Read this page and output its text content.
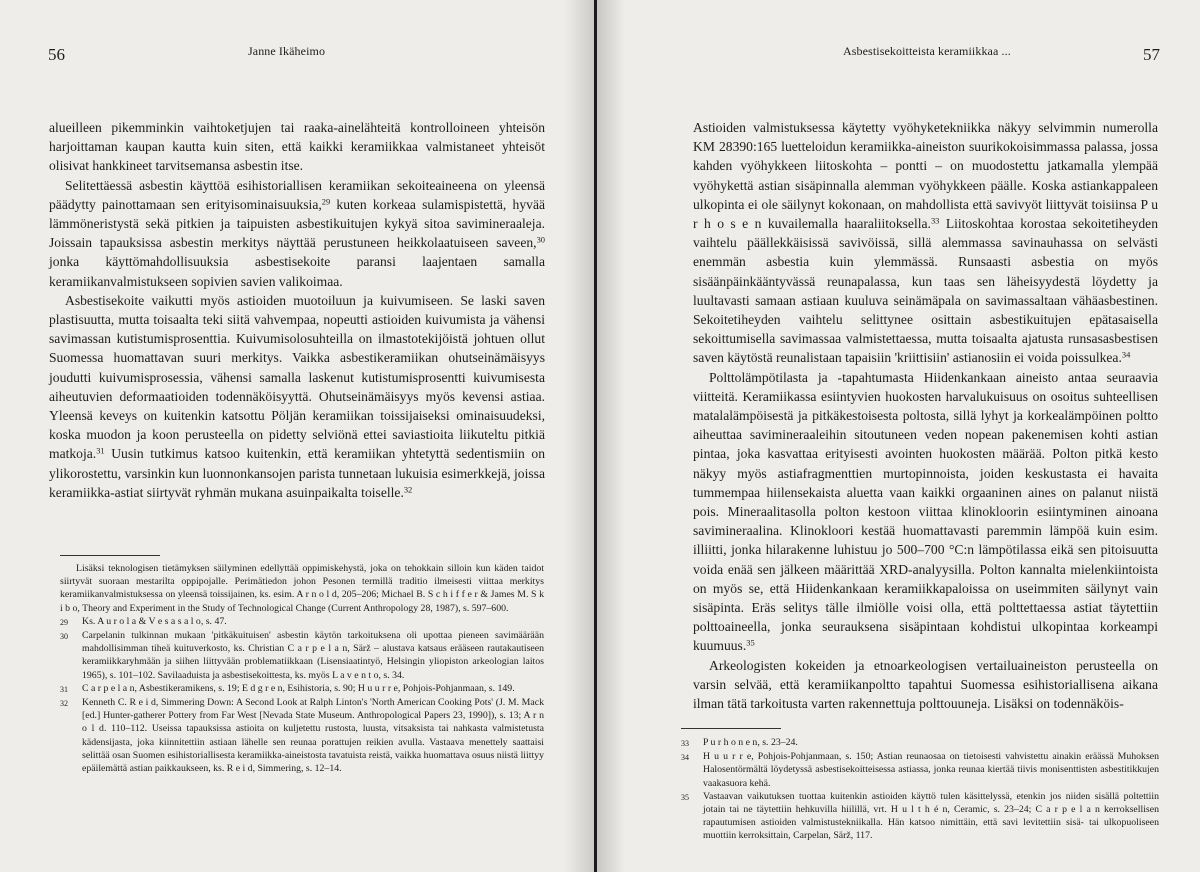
56	Janne Ikäheimo

alueilleen pikemminkin vaihtoketjujen tai raaka-ainelähteitä kontrolloineen yhteisön harjoittaman kaupan kautta kuin siten, että kaikki keramiikkaa valmistaneet yhteisöt olisivat hankkineet tarvitsemansa asbestin itse.

Selitettäessä asbestin käyttöä esihistoriallisen keramiikan sekoiteaineena on yleensä päädytty painottamaan sen erityisominaisuuksia,$^{29}$ kuten korkeaa sulamispistettä, hyvää lämmöneristystä sekä pitkien ja taipuisten asbestikuitujen kykyä sitoa savimineraaleja. Joissain tapauksissa asbestin merkitys näyttää perustuneen heikkolaatuiseen saveen,$^{30}$ jonka käyttömahdollisuuksia asbestisekoite paransi laajentaen samalla keramiikanvalmistukseen sopivien savien valikoimaa.

Asbestisekoite vaikutti myös astioiden muotoiluun ja kuivumiseen. Se laski saven plastisuutta, mutta toisaalta teki siitä vahvempaa, nopeutti astioiden kuivumista ja vähensi savimassan kutistumisprosenttia. Kuivumisolosuhteilla on ilmastotekijöistä johtuen ollut Suomessa huomattavan suuri merkitys. Vaikka asbestikeramiikan ohutseinämäisyys joudutti kuivumisprosessia, vähensi samalla laskenut kutistumisprosentti kuivumisesta aiheutuvien deformaatioiden todennäköisyyttä. Ohutseinämäisyys myös kevensi astiaa. Yleensä keveys on kuitenkin katsottu Pöljän keramiikan toissijaiseksi ominaisuudeksi, koska muodon ja koon perusteella on pidetty selviönä ettei saviastioita liikuteltu pitkiä matkoja.$^{31}$ Uusin tutkimus katsoo kuitenkin, että keramiikan yhtetyttä sedentismiin on ylikorostettu, varsinkin kun luonnonkansojen parista tunnetaan lukuisia esimerkkejä, joissa keramiikka-astiat siirtyvät ryhmän mukana asuinpaikalta toiselle.$^{32}$

Lisäksi teknologisen tietämyksen säilyminen edellyttää oppimiskehystä, joka on tehokkain silloin kun käden taidot siirtyvät suoraan mestarilta oppipojalle. Perimätiedon johon Pesonen termillä traditio ilmeisesti viittaa merkitys keramiikanvalmistuksessa on yleensä toissijainen, ks. esim. A r n o l d, 205–206; Michael B. S c h i f f e r & James M. S k i b o, Theory and Experiment in the Study of Technological Change (Current Anthropology 28, 1987), s. 597–600.

29	Ks. A u r o l a & V e s a s a l o, s. 47.
30	Carpelanin tulkinnan mukaan 'pitkäkuituisen' asbestin käytön tarkoituksena oli upottaa pieneen savimäärään mahdollisimman tiheä kuituverkosto, ks. Christian C a r p e l a n, Särž – alustava katsaus erääseen rautakautiseen keramiikkaryhmään ja siihen liittyvään problematiikkaan (Lisensiaatintyö, Helsingin yliopiston arkeologian laitos 1965), s. 101–102. Savilaaduista ja asbestisekoittesta, ks. myös L a v e n t o, s. 34.
31	C a r p e l a n, Asbestikeramikens, s. 19; E d g r e n, Esihistoria, s. 90; H u u r r e, Pohjois-Pohjanmaan, s. 149.
32	Kenneth C. R e i d, Simmering Down: A Second Look at Ralph Linton's 'North American Cooking Pots' (J. M. Mack [ed.] Hunter-gatherer Pottery from Far West [Nevada State Museum. Anthropological Papers 23, 1990]), s. 13; A r n o l d. 110–112. Useissa tapauksissa astioita on kuljetettu rustosta, luusta, vitsaksista tai nahkasta valmistetusta kädensijasta, joka kiinnitettiin astiaan lähelle sen reunaa porattujen reikien avulla. Vastaava menettely saattaisi selittää osan Suomen esihistoriallisesta keramiikka-aineistosta tavatuista reistä, vaikka huomattava osuus niistä liittyy epäilemättä astian paikkaukseen, ks. R e i d, Simmering, s. 12–14.
Asbestisekoitteista keramiikkaa ...	57

Astioiden valmistuksessa käytetty vyöhyketekniikka näkyy selvimmin numerolla KM 28390:165 luetteloidun keramiikka-aineiston suurikokoisimmassa palassa, jossa kahden vyöhykkeen liitoskohta – pontti – on muodostettu jatkamalla ylempää vyöhykettä astian sisäpinnalla alemman vyöhykkeen päälle. Koska astiankappaleen ulkopinta ei ole säilynyt kokonaan, on mahdollista että savivyöt liittyvät toisiinsa P u r h o s e n kuvailemalla haaraliitoksella.$^{33}$ Liitoskohtaa korostaa sekoitetiheyden vaihtelu päällekkäisissä savivöissä, sillä alemmassa savinauhassa on selvästi enemmän asbestia kuin ylemmässä. Runsaasti asbestia on myös sisäänpäinkääntyvässä reunapalassa, kun taas sen läheisyydestä löydetty ja luultavasti samaan astiaan kuuluva seinämäpala on savimassaltaan vähäasbestinen. Sekoitetiheyden vaihtelu selittynee osittain asbestikuitujen epätasaisella sekoittumisella savimassaa valmistettaessa, mutta toisaalta ajatusta runsasasbestisen saven käytöstä reunalistaan tapaisiin 'kriittisiin' astianosiin ei voida poissulkea.$^{34}$

Polttolämpötilasta ja -tapahtumasta Hiidenkankaan aineisto antaa seuraavia viitteitä. Keramiikassa esiintyvien huokosten harvalukuisuus on osoitus suhteellisen matalalämpöisestä ja pitkäkestoisesta poltosta, sillä lyhyt ja korkealämpöinen poltto aiheuttaa savimineraaleihin sitoutuneen veden nopean pakenemisen kohti astian pintaa, joka kasvattaa erityisesti avointen huokosten määrää. Polton pitkä kesto näkyy myös astiafragmenttien murtopinnoista, joiden keskustasta ei havaita tummempaa hiilensekaista aluetta vaan kaikki orgaaninen aines on palanut niistä pois. Mineraalitasolla polton kestoon viittaa klinokloorin esiintyminen ainoana savimineraalina. Klinokloori kestää huomattavasti paremmin lämpöä kuin esim. illiitti, jonka hilarakenne luhistuu jo 500–700 °C:n lämpötilassa eikä sen pitoisuutta voida enää sen jälkeen määrittää XRD-analyysilla. Polton kannalta mielenkiintoista on myös se, että Hiidenkankaan keramiikkapaloissa on useimmiten säilynyt vain sisäpinta. Eräs selitys tälle ilmiölle voisi olla, että polttettaessa astiat täytettiin polttoaineella, jonka seurauksena sisäpintaan kohdistui ulkopintaa korkeampi kuumuus.$^{35}$

Arkeologisten kokeiden ja etnoarkeologisen vertailuaineiston perusteella on varsin selvää, että keramiikanpoltto tapahtui Suomessa esihistoriallisena aikana ilman tätä tarkoitusta varten rakennettuja polttouuneja. Lisäksi on todennäköis-

33	P u r h o n e n, s. 23–24.
34	H u u r r e, Pohjois-Pohjanmaan, s. 150; Astian reunaosaa on tietoisesti vahvistettu ainakin eräässä Muhoksen Halosentörmältä löydetyssä asbestisekoitteisessa astiassa, jonka reunaa kiertää tiivis monisenttisten asbestitikkujen vaakasuora kehä.
35	Vastaavan vaikutuksen tuottaa kuitenkin astioiden käyttö tulen käsittelyssä, etenkin jos niiden sisällä poltettiin jotain tai ne täytettiin hehkuvilla hiilillä, vrt. H u l t h é n, Ceramic, s. 23–24; C a r p e l a n kerroksellisen rapautumisen astioiden valmistustekniikalla. Hän katsoo nimittäin, että savi levitettiin sisä- tai ulkopuoliseen muottiin kerroksittain, Carpelan, Särž, 117.
